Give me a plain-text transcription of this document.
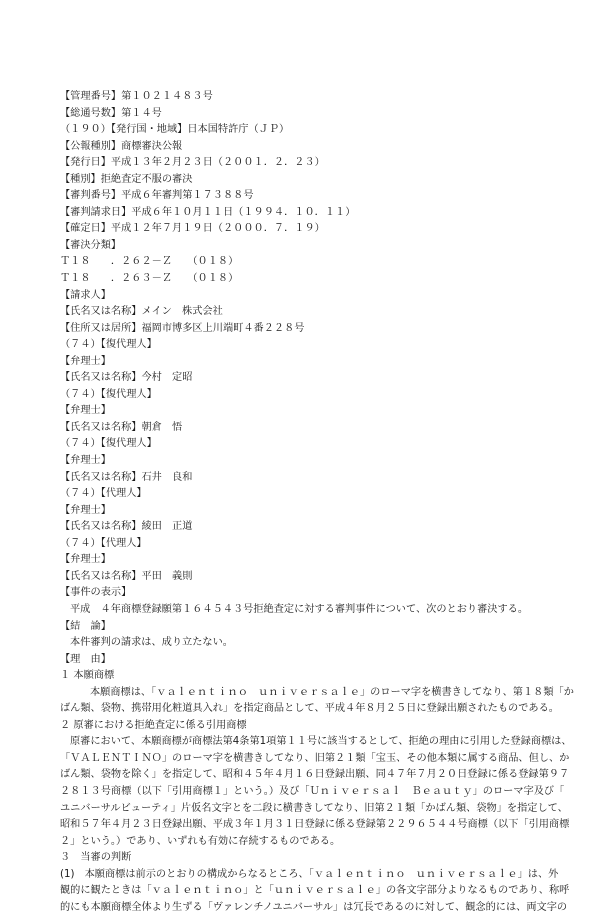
【管理番号】第１０２１４８３号
【総通号数】第１４号
（１９０）【発行国・地域】日本国特許庁（ＪＰ）
【公報種別】商標審決公報
【発行日】平成１３年２月２３日（２００１．２．２３）
【種別】拒絶査定不服の審決
【審判番号】平成６年審判第１７３８８号
【審判請求日】平成６年１０月１１日（１９９４．１０．１１）
【確定日】平成１２年７月１９日（２０００．７．１９）
【審決分類】
Ｔ１８　　．２６２－Ｚ　　（０１８）
Ｔ１８　　．２６３－Ｚ　　（０１８）
【請求人】
【氏名又は名称】メイン　株式会社
【住所又は居所】福岡市博多区上川端町４番２２８号
（７４）【復代理人】
【弁理士】
【氏名又は名称】今村　定昭
（７４）【復代理人】
【弁理士】
【氏名又は名称】朝倉　悟
（７４）【復代理人】
【弁理士】
【氏名又は名称】石井　良和
（７４）【代理人】
【弁理士】
【氏名又は名称】綾田　正道
（７４）【代理人】
【弁理士】
【氏名又は名称】平田　義則
【事件の表示】
平成　４年商標登録願第１６４５４３号拒絶査定に対する審判事件について、次のとおり審決する。
【結　論】
本件審判の請求は、成り立たない。
【理　由】
１ 本願商標
本願商標は、「ｖａｌｅｎｔｉｎｏ　ｕｎｉｖｅｒｓａｌｅ」のローマ字を横書きしてなり、第１８類「か
ばん類、袋物、携帯用化粧道具入れ」を指定商品として、平成４年８月２５日に登録出願されたものである。
２ 原審における拒絶査定に係る引用商標
原審において、本願商標が商標法第4条第1項第１１号に該当するとして、拒絶の理由に引用した登録商標は、
「ＶＡＬＥＮＴＩＮＯ」のローマ字を横書きしてなり、旧第２１類「宝玉、その他本類に属する商品、但し、か
ばん類、袋物を除く」を指定して、昭和４５年４月１６日登録出願、同４７年７月２０日登録に係る登録第９７
２８１３号商標（以下「引用商標１」という。）及び「Ｕｎｉｖｅｒｓａｌ　Ｂｅａｕｔｙ」のローマ字及び「
ユニバーサルビューティ」片仮名文字とを二段に横書きしてなり、旧第２１類「かばん類、袋物」を指定して、
昭和５７年４月２３日登録出願、平成３年１月３１日登録に係る登録第２２９６５４４号商標（以下「引用商標
２」という。）であり、いずれも有効に存続するものである。
３　当審の判断
(1)　本願商標は前示のとおりの構成からなるところ、「ｖａｌｅｎｔｉｎｏ　ｕｎｉｖｅｒｓａｌｅ」は、外
観的に観たときは「ｖａｌｅｎｔｉｎｏ」と「ｕｎｉｖｅｒｓａｌｅ」の各文字部分よりなるものであり、称呼
的にも本願商標全体より生ずる「ヴァレンチノユニバーサル」は冗長であるのに対して、観念的には、両文字の
